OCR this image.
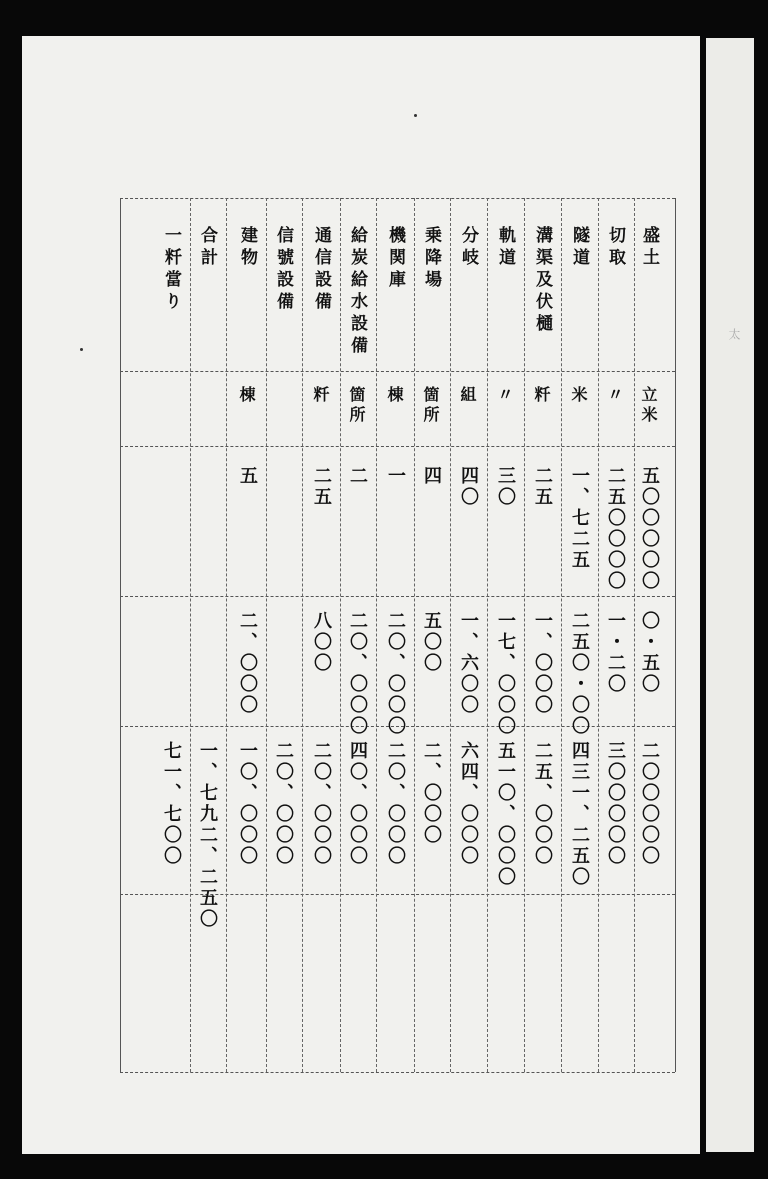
盛土
立米
五〇〇〇〇〇
〇・五〇
二〇〇〇〇〇
切取
〃
二五〇〇〇〇
一・二〇
三〇〇〇〇〇
隧道
米
一、七二五
二五〇・〇〇
四三一、二五〇
溝渠及伏樋
粁
二五
一、〇〇〇
二五、〇〇〇
軌道
〃
三〇
一七、〇〇〇
五一〇、〇〇〇
分岐
組
四〇
一、六〇〇
六四、〇〇〇
乗降場
箇所
四
五〇〇
二、〇〇〇
機関庫
棟
一
二〇、〇〇〇
二〇、〇〇〇
給炭給水設備
箇所
二
二〇、〇〇〇
四〇、〇〇〇
通信設備
粁
二五
八〇〇
二〇、〇〇〇
信號設備
二〇、〇〇〇
建物
棟
五
二、〇〇〇
一〇、〇〇〇
合計
一、七九二、二五〇
一粁當り
七一、七〇〇
太
